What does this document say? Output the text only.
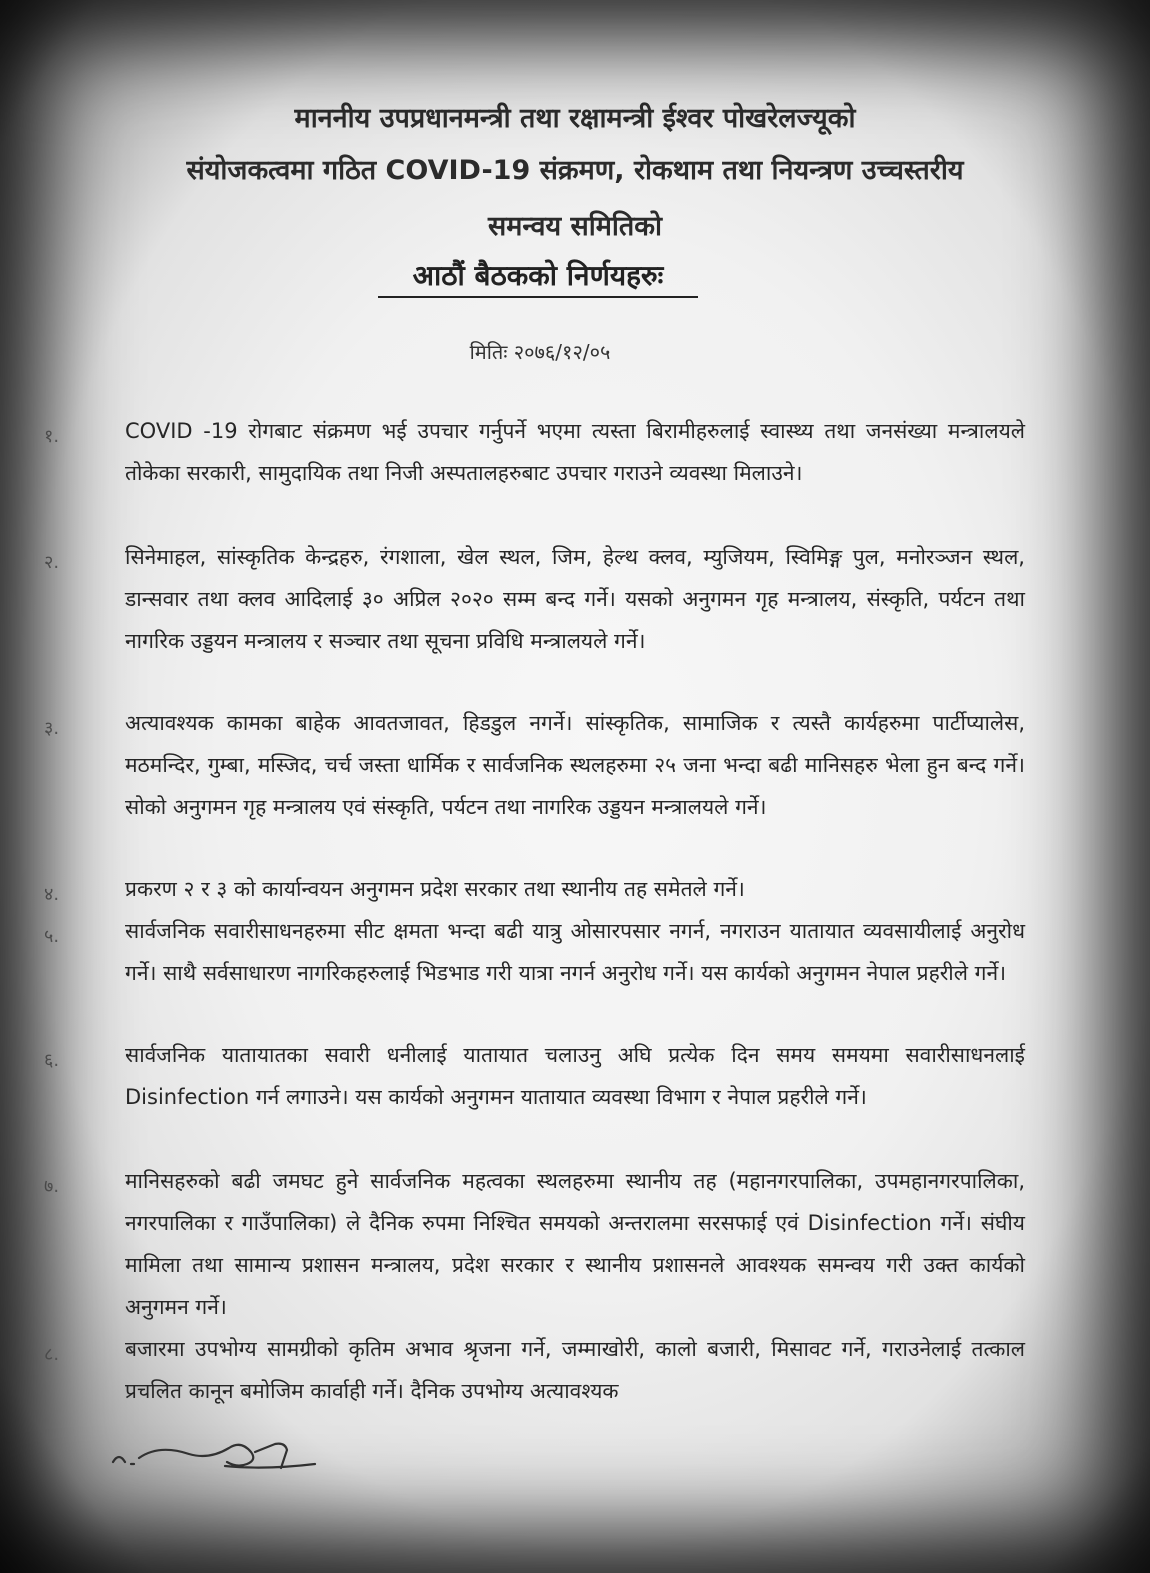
माननीय उपप्रधानमन्त्री तथा रक्षामन्त्री ईश्वर पोखरेलज्यूको
संयोजकत्वमा गठित COVID-19 संक्रमण, रोकथाम तथा नियन्त्रण उच्चस्तरीय
समन्वय समितिको
आठौं बैठकको निर्णयहरुः
मितिः २०७६/१२/०५
१.	COVID -19 रोगबाट संक्रमण भई उपचार गर्नुपर्ने भएमा त्यस्ता बिरामीहरुलाई स्वास्थ्य तथा जनसंख्या मन्त्रालयले तोकेका सरकारी, सामुदायिक तथा निजी अस्पतालहरुबाट उपचार गराउने व्यवस्था मिलाउने।
२.	सिनेमाहल, सांस्कृतिक केन्द्रहरु, रंगशाला, खेल स्थल, जिम, हेल्थ क्लव, म्युजियम, स्विमिङ्ग पुल, मनोरञ्जन स्थल, डान्सवार तथा क्लव आदिलाई ३० अप्रिल २०२० सम्म बन्द गर्ने। यसको अनुगमन गृह मन्त्रालय, संस्कृति, पर्यटन तथा नागरिक उड्डयन मन्त्रालय र सञ्चार तथा सूचना प्रविधि मन्त्रालयले गर्ने।
३.	अत्यावश्यक कामका बाहेक आवतजावत, हिडडुल नगर्ने। सांस्कृतिक, सामाजिक र त्यस्तै कार्यहरुमा पार्टीप्यालेस, मठमन्दिर, गुम्बा, मस्जिद, चर्च जस्ता धार्मिक र सार्वजनिक स्थलहरुमा २५ जना भन्दा बढी मानिसहरु भेला हुन बन्द गर्ने। सोको अनुगमन गृह मन्त्रालय एवं संस्कृति, पर्यटन तथा नागरिक उड्डयन मन्त्रालयले गर्ने।
४.	प्रकरण २ र ३ को कार्यान्वयन अनुगमन प्रदेश सरकार तथा स्थानीय तह समेतले गर्ने।
५.	सार्वजनिक सवारीसाधनहरुमा सीट क्षमता भन्दा बढी यात्रु ओसारपसार नगर्न, नगराउन यातायात व्यवसायीलाई अनुरोध गर्ने। साथै सर्वसाधारण नागरिकहरुलाई भिडभाड गरी यात्रा नगर्न अनुरोध गर्ने। यस कार्यको अनुगमन नेपाल प्रहरीले गर्ने।
६.	सार्वजनिक यातायातका सवारी धनीलाई यातायात चलाउनु अघि प्रत्येक दिन समय समयमा सवारीसाधनलाई Disinfection गर्न लगाउने। यस कार्यको अनुगमन यातायात व्यवस्था विभाग र नेपाल प्रहरीले गर्ने।
७.	मानिसहरुको बढी जमघट हुने सार्वजनिक महत्वका स्थलहरुमा स्थानीय तह (महानगरपालिका, उपमहानगरपालिका, नगरपालिका र गाउँपालिका) ले दैनिक रुपमा निश्चित समयको अन्तरालमा सरसफाई एवं Disinfection गर्ने। संघीय मामिला तथा सामान्य प्रशासन मन्त्रालय, प्रदेश सरकार र स्थानीय प्रशासनले आवश्यक समन्वय गरी उक्त कार्यको अनुगमन गर्ने।
८.	बजारमा उपभोग्य सामग्रीको कृतिम अभाव श्रृजना गर्ने, जम्माखोरी, कालो बजारी, मिसावट गर्ने, गराउनेलाई तत्काल प्रचलित कानून बमोजिम कार्वाही गर्ने। दैनिक उपभोग्य अत्यावश्यक
